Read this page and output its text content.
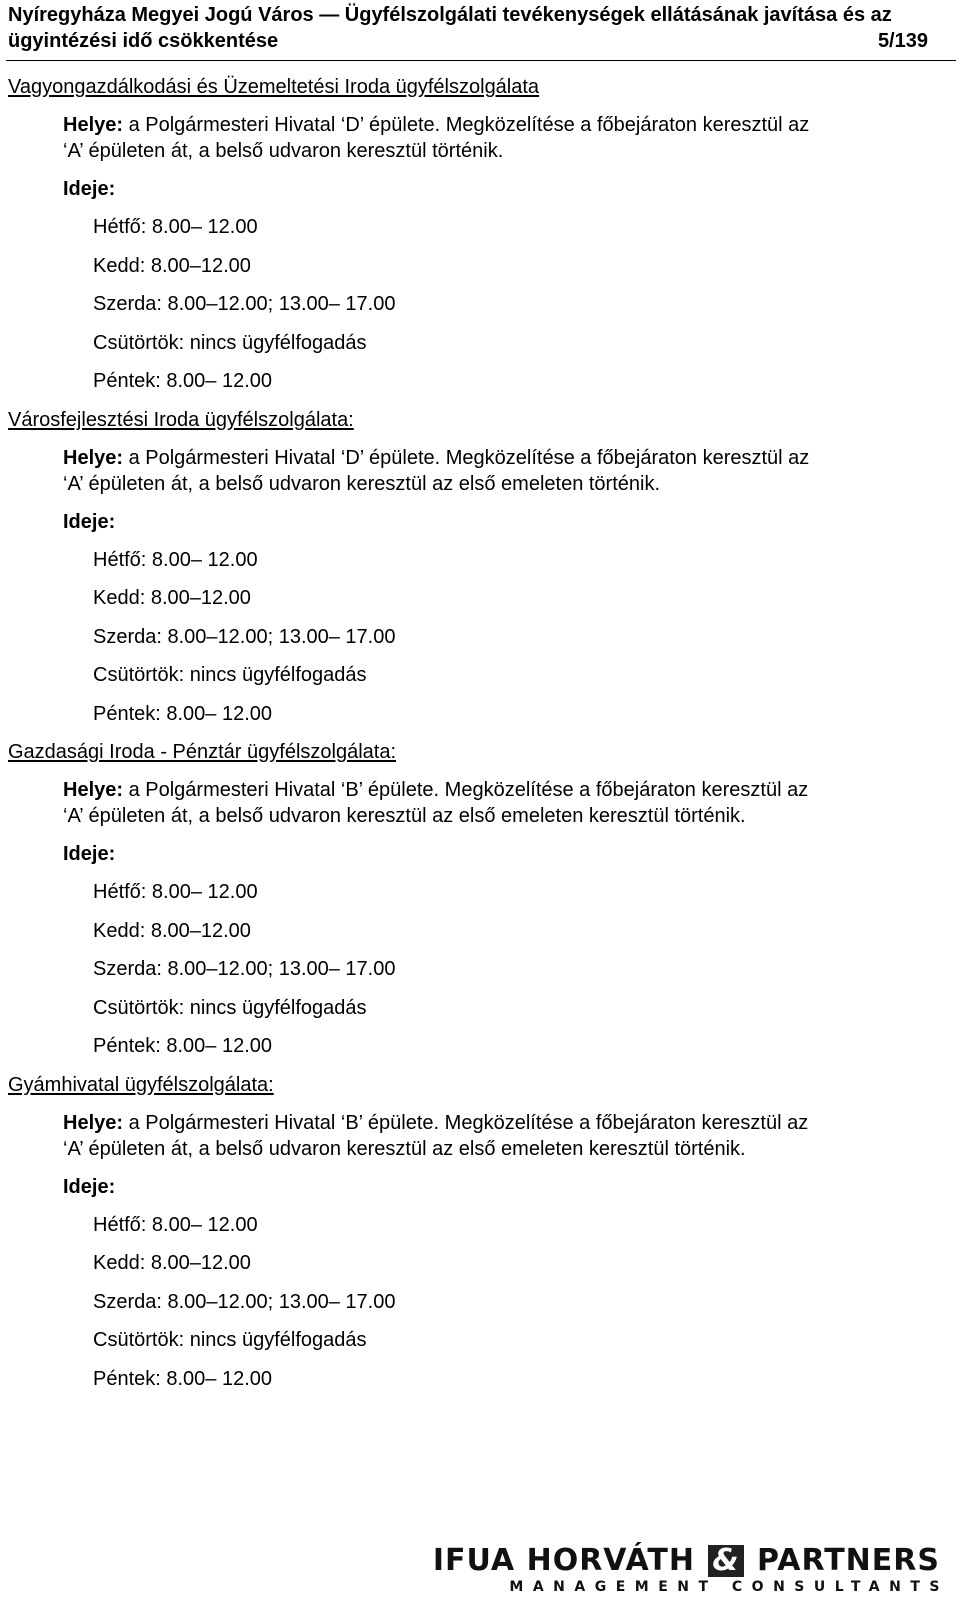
Nyíregyháza Megyei Jogú Város — Ügyfélszolgálati tevékenységek ellátásának javítása és az
ügyintézési idő csökkentése	5/139
Vagyongazdálkodási és Üzemeltetési Iroda ügyfélszolgálata
Helye: a Polgármesteri Hivatal ‘D’ épülete. Megközelítése a főbejáraton keresztül az
‘A’ épületen át, a belső udvaron keresztül történik.
Ideje:
Hétfő: 8.00– 12.00
Kedd: 8.00–12.00
Szerda: 8.00–12.00; 13.00– 17.00
Csütörtök: nincs ügyfélfogadás
Péntek: 8.00– 12.00
Városfejlesztési Iroda ügyfélszolgálata:
Helye: a Polgármesteri Hivatal ‘D’ épülete. Megközelítése a főbejáraton keresztül az
‘A’ épületen át, a belső udvaron keresztül az első emeleten történik.
Ideje:
Hétfő: 8.00– 12.00
Kedd: 8.00–12.00
Szerda: 8.00–12.00; 13.00– 17.00
Csütörtök: nincs ügyfélfogadás
Péntek: 8.00– 12.00
Gazdasági Iroda - Pénztár ügyfélszolgálata:
Helye: a Polgármesteri Hivatal ‘B’ épülete. Megközelítése a főbejáraton keresztül az
‘A’ épületen át, a belső udvaron keresztül az első emeleten keresztül történik.
Ideje:
Hétfő: 8.00– 12.00
Kedd: 8.00–12.00
Szerda: 8.00–12.00; 13.00– 17.00
Csütörtök: nincs ügyfélfogadás
Péntek: 8.00– 12.00
Gyámhivatal ügyfélszolgálata:
Helye: a Polgármesteri Hivatal ‘B’ épülete. Megközelítése a főbejáraton keresztül az
‘A’ épületen át, a belső udvaron keresztül az első emeleten keresztül történik.
Ideje:
Hétfő: 8.00– 12.00
Kedd: 8.00–12.00
Szerda: 8.00–12.00; 13.00– 17.00
Csütörtök: nincs ügyfélfogadás
Péntek: 8.00– 12.00
IFUA HORVÁTH & PARTNERS
MANAGEMENT CONSULTANTS
